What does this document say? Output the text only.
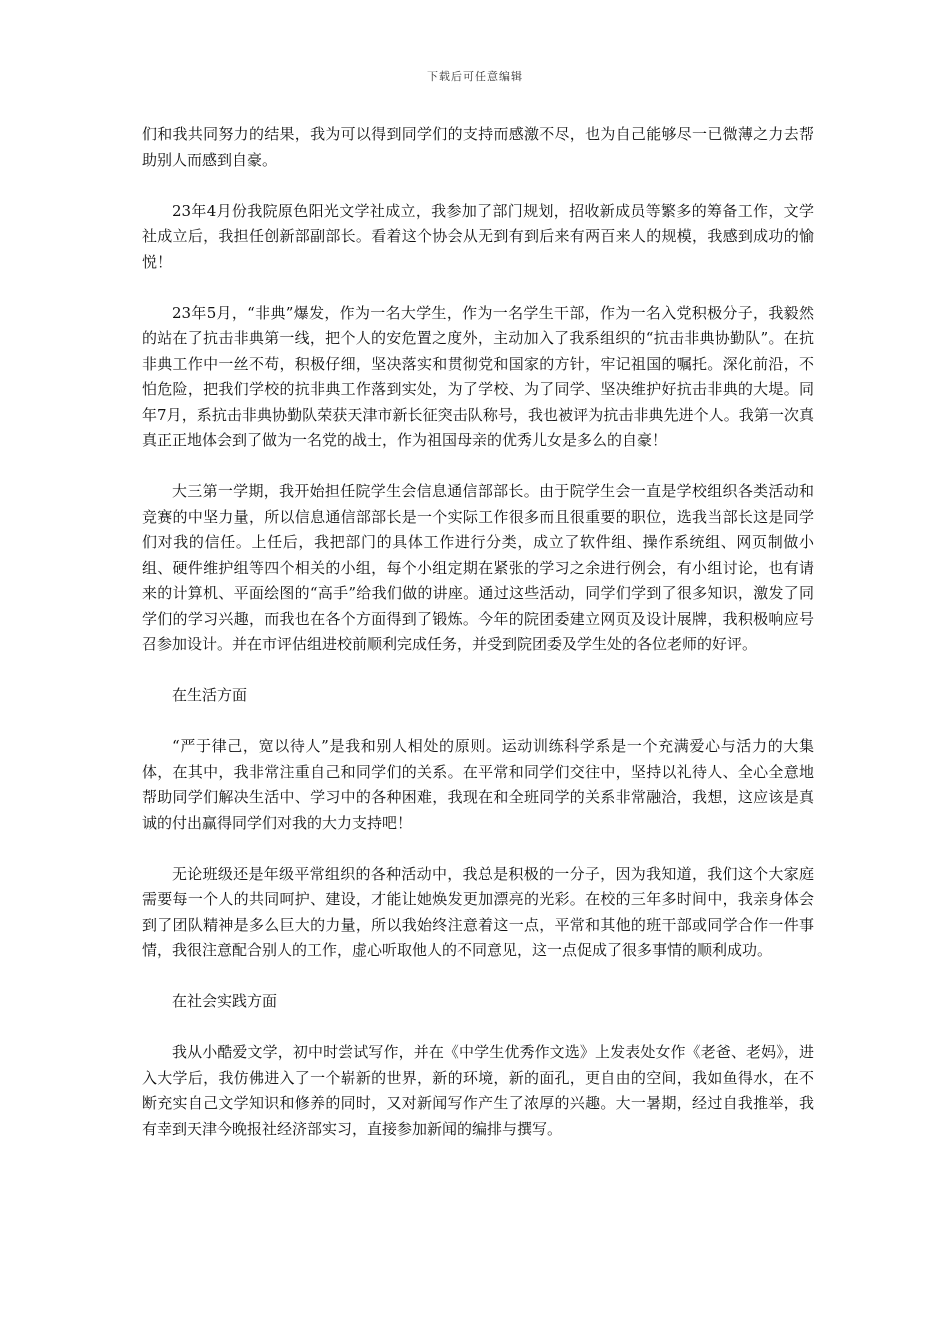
下载后可任意编辑

们和我共同努力的结果，我为可以得到同学们的支持而感激不尽，也为自己能够尽一已微薄之力去帮助别人而感到自豪。

23年4月份我院原色阳光文学社成立，我参加了部门规划，招收新成员等繁多的筹备工作，文学社成立后，我担任创新部副部长。看着这个协会从无到有到后来有两百来人的规模，我感到成功的愉悦！

23年5月，“非典”爆发，作为一名大学生，作为一名学生干部，作为一名入党积极分子，我毅然的站在了抗击非典第一线，把个人的安危置之度外，主动加入了我系组织的“抗击非典协勤队”。在抗非典工作中一丝不苟，积极仔细，坚决落实和贯彻党和国家的方针，牢记祖国的嘱托。深化前沿，不怕危险，把我们学校的抗非典工作落到实处，为了学校、为了同学、坚决维护好抗击非典的大堤。同年7月，系抗击非典协勤队荣获天津市新长征突击队称号，我也被评为抗击非典先进个人。我第一次真真正正地体会到了做为一名党的战士，作为祖国母亲的优秀儿女是多么的自豪！

大三第一学期，我开始担任院学生会信息通信部部长。由于院学生会一直是学校组织各类活动和竞赛的中坚力量，所以信息通信部部长是一个实际工作很多而且很重要的职位，选我当部长这是同学们对我的信任。上任后，我把部门的具体工作进行分类，成立了软件组、操作系统组、网页制做小组、硬件维护组等四个相关的小组，每个小组定期在紧张的学习之余进行例会，有小组讨论，也有请来的计算机、平面绘图的“高手”给我们做的讲座。通过这些活动，同学们学到了很多知识，激发了同学们的学习兴趣，而我也在各个方面得到了锻炼。今年的院团委建立网页及设计展牌，我积极响应号召参加设计。并在市评估组进校前顺利完成任务，并受到院团委及学生处的各位老师的好评。

在生活方面

“严于律己，宽以待人”是我和别人相处的原则。运动训练科学系是一个充满爱心与活力的大集体，在其中，我非常注重自己和同学们的关系。在平常和同学们交往中，坚持以礼待人、全心全意地帮助同学们解决生活中、学习中的各种困难，我现在和全班同学的关系非常融洽，我想，这应该是真诚的付出赢得同学们对我的大力支持吧！

无论班级还是年级平常组织的各种活动中，我总是积极的一分子，因为我知道，我们这个大家庭需要每一个人的共同呵护、建设，才能让她焕发更加漂亮的光彩。在校的三年多时间中，我亲身体会到了团队精神是多么巨大的力量，所以我始终注意着这一点，平常和其他的班干部或同学合作一件事情，我很注意配合别人的工作，虚心听取他人的不同意见，这一点促成了很多事情的顺利成功。

在社会实践方面

我从小酷爱文学，初中时尝试写作，并在《中学生优秀作文选》上发表处女作《老爸、老妈》，进入大学后，我仿佛进入了一个崭新的世界，新的环境，新的面孔，更自由的空间，我如鱼得水，在不断充实自己文学知识和修养的同时，又对新闻写作产生了浓厚的兴趣。大一暑期，经过自我推举，我有幸到天津今晚报社经济部实习，直接参加新闻的编排与撰写。
